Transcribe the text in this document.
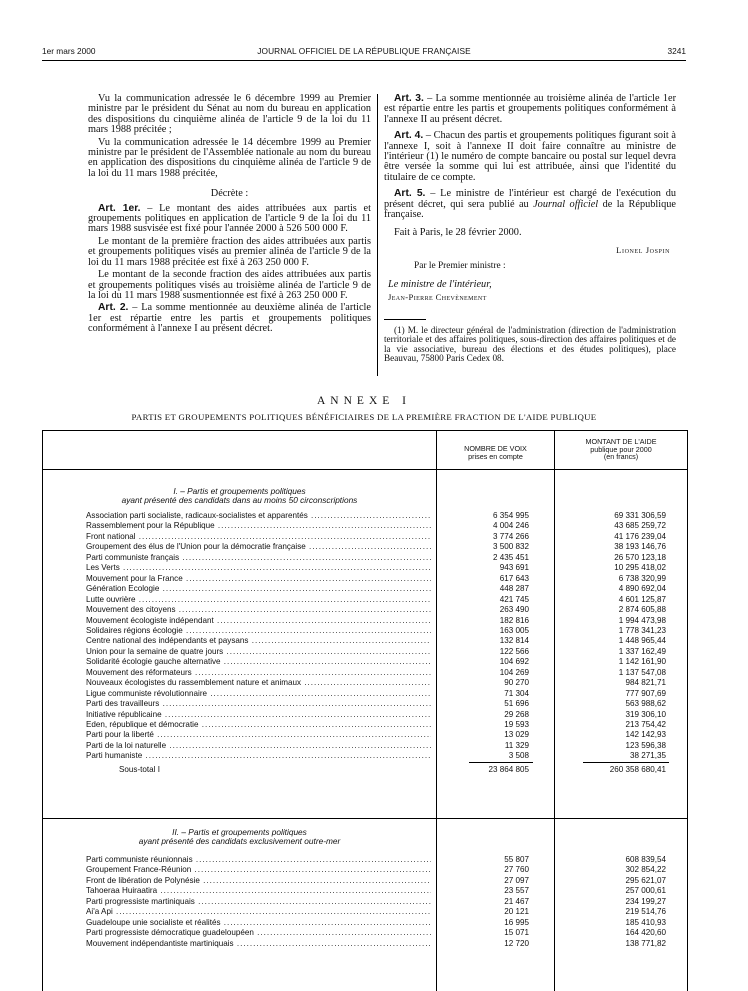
1er mars 2000	JOURNAL OFFICIEL DE LA RÉPUBLIQUE FRANÇAISE	3241

Vu la communication adressée le 6 décembre 1999 au Premier ministre par le président du Sénat au nom du bureau en application des dispositions du cinquième alinéa de l'article 9 de la loi du 11 mars 1988 précitée ;

Vu la communication adressée le 14 décembre 1999 au Premier ministre par le président de l'Assemblée nationale au nom du bureau en application des dispositions du cinquième alinéa de l'article 9 de la loi du 11 mars 1988 précitée,

Décrète :

Art. 1er. – Le montant des aides attribuées aux partis et groupements politiques en application de l'article 9 de la loi du 11 mars 1988 susvisée est fixé pour l'année 2000 à 526 500 000 F.

Le montant de la première fraction des aides attribuées aux partis et groupements politiques visés au premier alinéa de l'article 9 de la loi du 11 mars 1988 précitée est fixé à 263 250 000 F.

Le montant de la seconde fraction des aides attribuées aux partis et groupements politiques visés au troisième alinéa de l'article 9 de la loi du 11 mars 1988 susmentionnée est fixé à 263 250 000 F.

Art. 2. – La somme mentionnée au deuxième alinéa de l'article 1er est répartie entre les partis et groupements politiques conformément à l'annexe I au présent décret.

Art. 3. – La somme mentionnée au troisième alinéa de l'article 1er est répartie entre les partis et groupements politiques conformément à l'annexe II au présent décret.

Art. 4. – Chacun des partis et groupements politiques figurant soit à l'annexe I, soit à l'annexe II doit faire connaître au ministre de l'intérieur (1) le numéro de compte bancaire ou postal sur lequel devra être versée la somme qui lui est attribuée, ainsi que l'identité du titulaire de ce compte.

Art. 5. – Le ministre de l'intérieur est chargé de l'exécution du présent décret, qui sera publié au Journal officiel de la République française.

Fait à Paris, le 28 février 2000.

Lionel Jospin

Par le Premier ministre :

Le ministre de l'intérieur,

Jean-Pierre Chevènement

(1) M. le directeur général de l'administration (direction de l'administration territoriale et des affaires politiques, sous-direction des affaires politiques et de la vie associative, bureau des élections et des études politiques), place Beauvau, 75800 Paris Cedex 08.

ANNEXE I
PARTIS ET GROUPEMENTS POLITIQUES BÉNÉFICIAIRES DE LA PREMIÈRE FRACTION DE L'AIDE PUBLIQUE
NOMBRE DE VOIX
prises en compte
MONTANT DE L'AIDE
publique pour 2000
(en francs)
I. – Partis et groupements politiques
ayant présenté des candidats dans au moins 50 circonscriptions
Association parti socialiste, radicaux-socialistes et apparentés .....	6 354 995	69 331 306,59
Rassemblement pour la République .....	4 004 246	43 685 259,72
Front national .....	3 774 266	41 176 239,04
Groupement des élus de l'Union pour la démocratie française .....	3 500 832	38 193 146,76
Parti communiste français .....	2 435 451	26 570 123,18
Les Verts .....	943 691	10 295 418,02
Mouvement pour la France .....	617 643	6 738 320,99
Génération Ecologie .....	448 287	4 890 692,04
Lutte ouvrière .....	421 745	4 601 125,87
Mouvement des citoyens .....	263 490	2 874 605,88
Mouvement écologiste indépendant .....	182 816	1 994 473,98
Solidaires régions écologie .....	163 005	1 778 341,23
Centre national des indépendants et paysans .....	132 814	1 448 965,44
Union pour la semaine de quatre jours .....	122 566	1 337 162,49
Solidarité écologie gauche alternative .....	104 692	1 142 161,90
Mouvement des réformateurs .....	104 269	1 137 547,08
Nouveaux écologistes du rassemblement nature et animaux .....	90 270	984 821,71
Ligue communiste révolutionnaire .....	71 304	777 907,69
Parti des travailleurs .....	51 696	563 988,62
Initiative républicaine .....	29 268	319 306,10
Eden, république et démocratie .....	19 593	213 754,42
Parti pour la liberté .....	13 029	142 142,93
Parti de la loi naturelle .....	11 329	123 596,38
Parti humaniste .....	3 508	38 271,35
Sous-total I	23 864 805	260 358 680,41
II. – Partis et groupements politiques
ayant présenté des candidats exclusivement outre-mer
Parti communiste réunionnais .....	55 807	608 839,54
Groupement France-Réunion .....	27 760	302 854,22
Front de libération de Polynésie .....	27 097	295 621,07
Tahoeraa Huiraatira .....	23 557	257 000,61
Parti progressiste martiniquais .....	21 467	234 199,27
Ai'a Api .....	20 121	219 514,76
Guadeloupe unie socialiste et réalités .....	16 995	185 410,93
Parti progressiste démocratique guadeloupéen .....	15 071	164 420,60
Mouvement indépendantiste martiniquais .....	12 720	138 771,82
